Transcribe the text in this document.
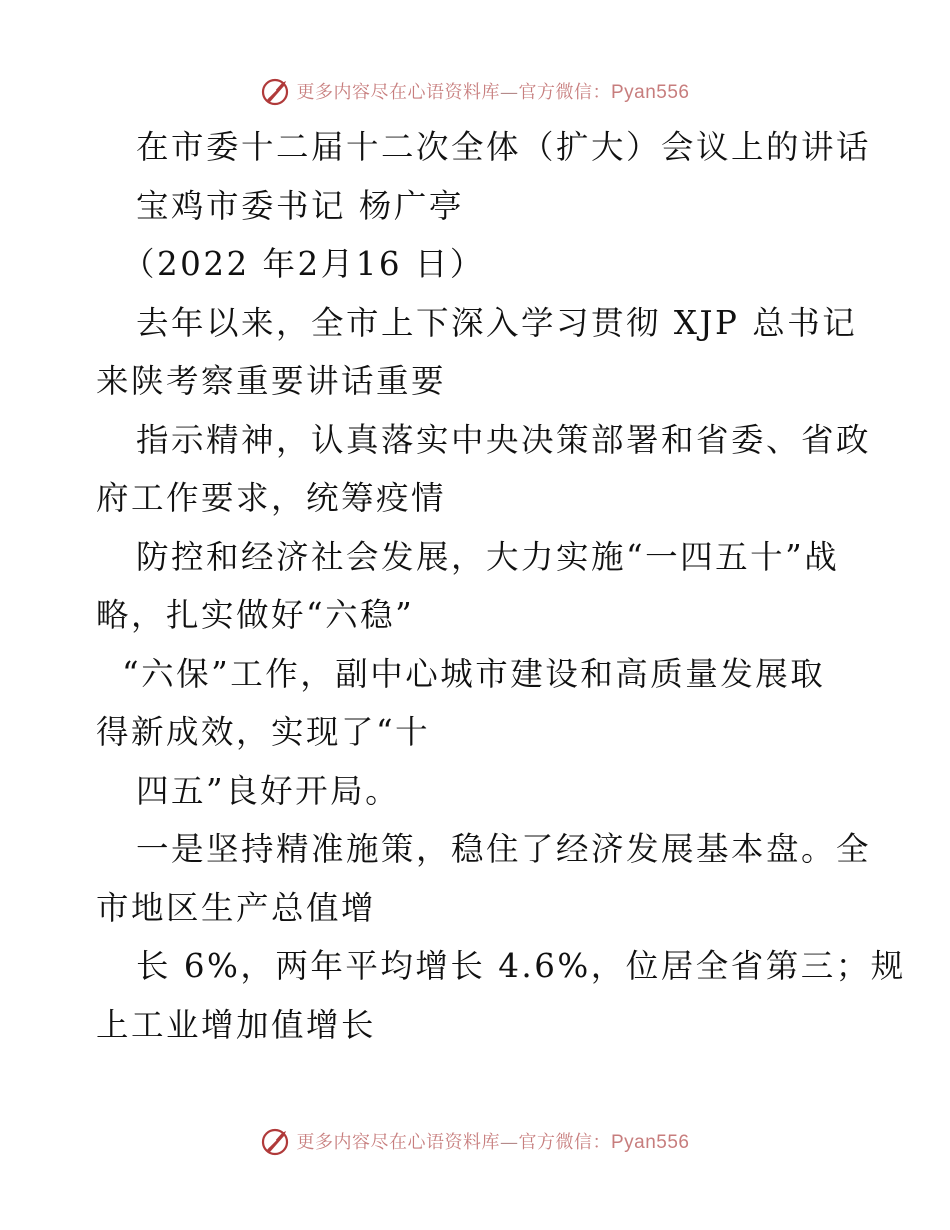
更多内容尽在心语资料库—官方微信：Pyan556
在市委十二届十二次全体（扩大）会议上的讲话
宝鸡市委书记 杨广亭
（2022 年2月16 日）
去年以来，全市上下深入学习贯彻 XJP 总书记
来陕考察重要讲话重要
指示精神，认真落实中央决策部署和省委、省政
府工作要求，统筹疫情
防控和经济社会发展，大力实施“一四五十”战
略，扎实做好“六稳”
“六保”工作，副中心城市建设和高质量发展取
得新成效，实现了“十
四五”良好开局。
一是坚持精准施策，稳住了经济发展基本盘。全
市地区生产总值增
长 6%，两年平均增长 4.6%，位居全省第三；规
上工业增加值增长
更多内容尽在心语资料库—官方微信：Pyan556
